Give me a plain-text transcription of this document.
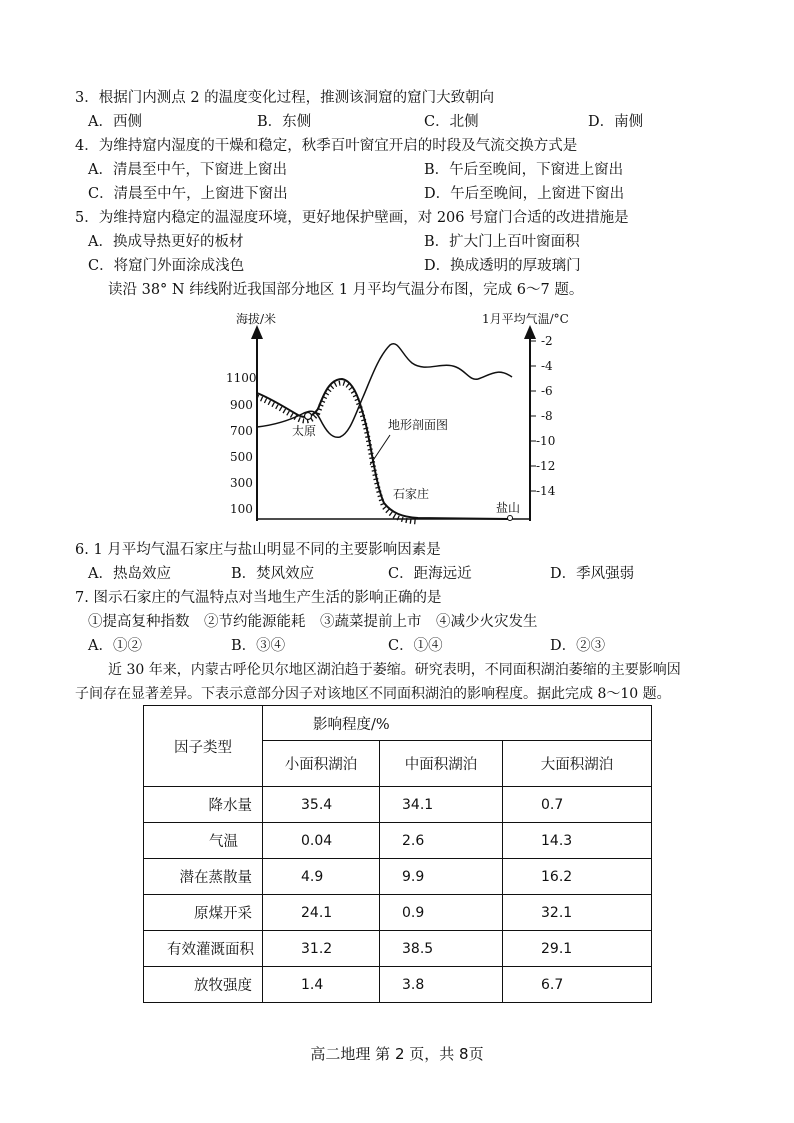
3．根据门内测点 2 的温度变化过程，推测该洞窟的窟门大致朝向
A．西侧	B．东侧	C．北侧	D．南侧
4．为维持窟内湿度的干燥和稳定，秋季百叶窗宜开启的时段及气流交换方式是
A．清晨至中午，下窗进上窗出	B．午后至晚间，下窗进上窗出
C．清晨至中午，上窗进下窗出	D．午后至晚间，上窗进下窗出
5．为维持窟内稳定的温湿度环境，更好地保护壁画，对 206 号窟门合适的改进措施是
A．换成导热更好的板材	B．扩大门上百叶窗面积
C．将窟门外面涂成浅色	D．换成透明的厚玻璃门
读沿 38° N 纬线附近我国部分地区 1 月平均气温分布图，完成 6～7 题。
海拔/米	1月平均气温/°C
1100
900
700
500
300
100
-2
-4
-6
-8
-10
-12
-14
太原	地形剖面图
石家庄
盐山
6. 1 月平均气温石家庄与盐山明显不同的主要影响因素是
A．热岛效应	B．焚风效应	C．距海远近	D．季风强弱
7. 图示石家庄的气温特点对当地生产生活的影响正确的是
①提高复种指数　②节约能源能耗　③蔬菜提前上市　④减少火灾发生
A．①②	B．③④	C．①④	D．②③
近 30 年来，内蒙古呼伦贝尔地区湖泊趋于萎缩。研究表明，不同面积湖泊萎缩的主要影响因
子间存在显著差异。下表示意部分因子对该地区不同面积湖泊的影响程度。据此完成 8～10 题。
因子类型	影响程度/%		
	小面积湖泊	中面积湖泊	大面积湖泊
降水量	35.4	34.1	0.7
气温	0.04	2.6	14.3
潜在蒸散量	4.9	9.9	16.2
原煤开采	24.1	0.9	32.1
有效灌溉面积	31.2	38.5	29.1
放牧强度	1.4	3.8	6.7
高二地理 第 2 页，共 8页
